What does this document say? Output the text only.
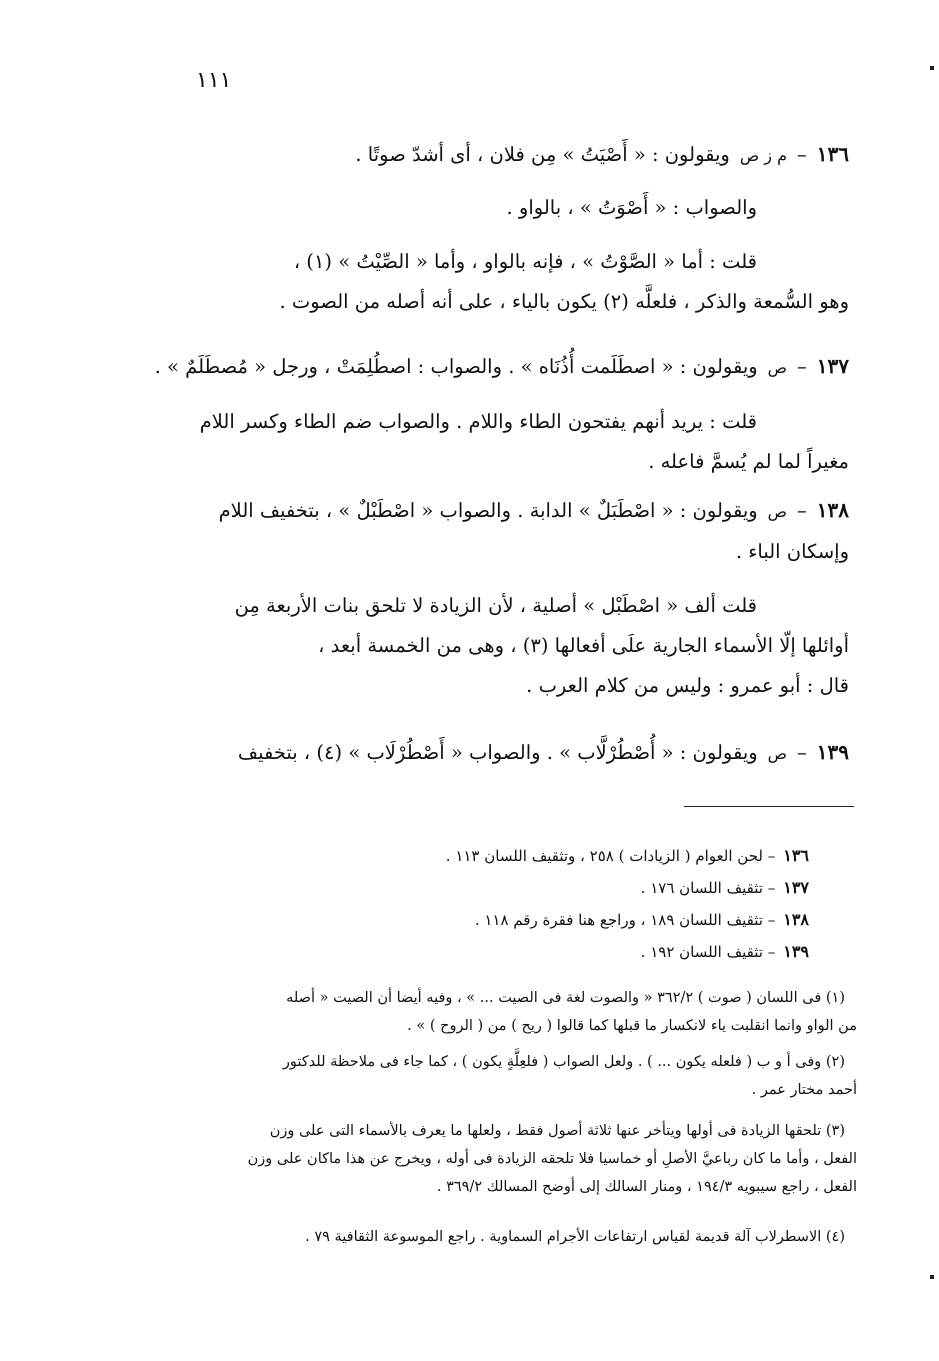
١١١
١٣٦
–
م ز ص
ويقولون : « أَصْيَتُ » مِن فلان ، أى أشدّ صوتًا .
والصواب : « أَصْوَتُ » ، بالواو .
قلت : أما « الصَّوْتُ » ، فإنه بالواو ، وأما « الصِّيْتُ » (١) ،
وهو السُّمعة والذكر ، فلعلَّه (٢) يكون بالياء ، على أنه أصله من الصوت .
١٣٧
–
ص
ويقولون : « اصطَلَمت أُذُنَاه » . والصواب : اصطُلِمَتْ ، ورجل « مُصطَلَمٌ » .
قلت : يريد أنهم يفتحون الطاء واللام . والصواب ضم الطاء وكسر اللام
مغيراً لما لم يُسمَّ فاعله .
١٣٨
–
ص
ويقولون : « اصْطَبَلٌ » الدابة . والصواب « اصْطَبْلٌ » ، بتخفيف اللام
وإسكان الباء .
قلت ألف « اصْطَبْل » أصلية ، لأن الزيادة لا تلحق بنات الأربعة مِن
أوائلها إلّا الأسماء الجارية علَى أفعالها (٣) ، وهى من الخمسة أبعد ،
قال : أبو عمرو : وليس من كلام العرب .
١٣٩
–
ص
ويقولون : « أُصْطُرْلَّاب » . والصواب « أَصْطُرْلَاب » (٤) ، بتخفيف
١٣٦– لحن العوام ( الزيادات ) ٢٥٨ ، وتثقيف اللسان ١١٣ .
١٣٧– تثقيف اللسان ١٧٦ .
١٣٨– تثقيف اللسان ١٨٩ ، وراجع هنا فقرة رقم ١١٨ .
١٣٩– تثقيف اللسان ١٩٢ .
(١) فى اللسان ( صوت ) ٣٦٢/٢ « والصوت لغة فى الصيت ... » ، وفيه أيضا أن الصيت « أصله
من الواو وانما انقلبت ياء لانكسار ما قبلها كما قالوا ( ريح ) من ( الروح ) » .
(٢) وفى أ و ب ( فلعله يكون ... ) . ولعل الصواب ( فلعِلَّةٍ يكون ) ، كما جاء فى ملاحظة للدكتور
أحمد مختار عمر .
(٣) تلحقها الزيادة فى أولها ويتأخر عنها ثلاثة أصول فقط ، ولعلها ما يعرف بالأسماء التى على وزن
الفعل ، وأما ما كان رباعيَّ الأصلِ أو خماسيا فلا تلحقه الزيادة فى أوله ، ويخرج عن هذا ماكان على وزن
الفعل ، راجع سيبويه ١٩٤/٣ ، ومنار السالك إلى أوضح المسالك ٣٦٩/٢ .
(٤) الاسطرلاب آلة قديمة لقياس ارتفاعات الأجرام السماوية . راجع الموسوعة الثقافية ٧٩ .
